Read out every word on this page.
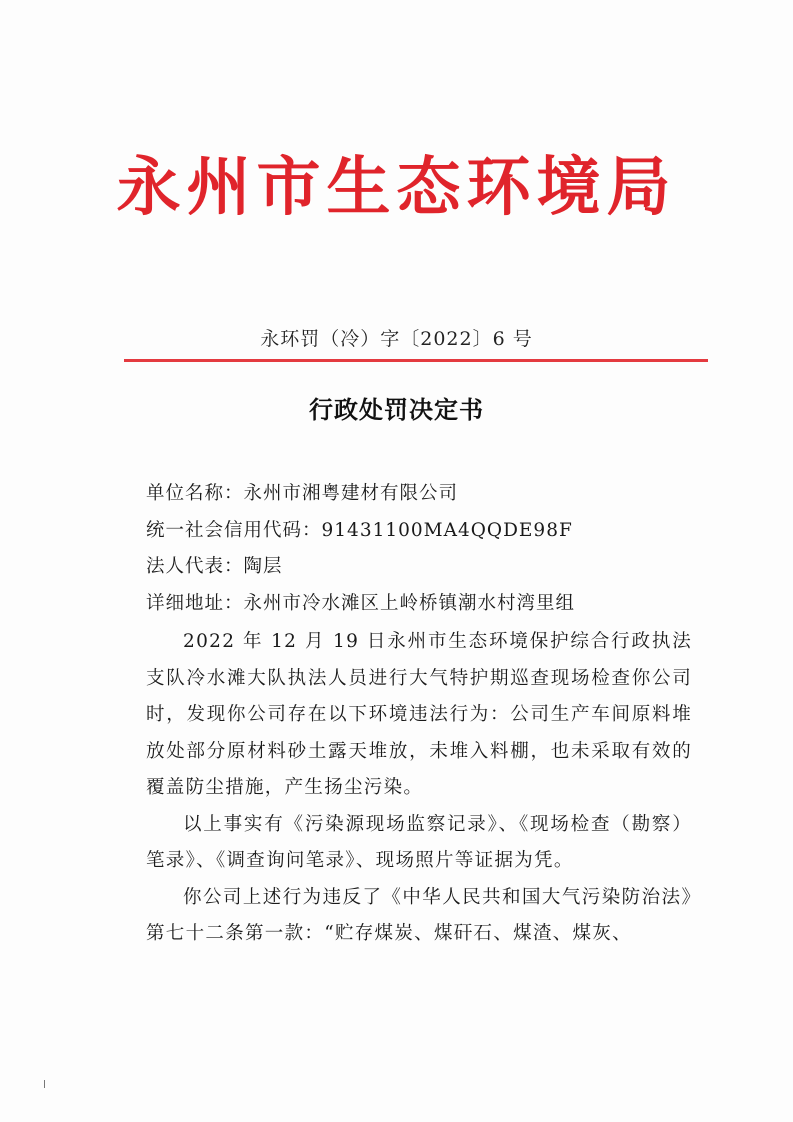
永州市生态环境局
永环罚（冷）字〔2022〕6 号
行政处罚决定书
单位名称：永州市湘粤建材有限公司
统一社会信用代码：91431100MA4QQDE98F
法人代表：陶层
详细地址：永州市冷水滩区上岭桥镇潮水村湾里组

2022 年 12 月 19 日永州市生态环境保护综合行政执法支队冷水滩大队执法人员进行大气特护期巡查现场检查你公司时，发现你公司存在以下环境违法行为：公司生产车间原料堆放处部分原材料砂土露天堆放，未堆入料棚，也未采取有效的覆盖防尘措施，产生扬尘污染。

以上事实有《污染源现场监察记录》、《现场检查（勘察）笔录》、《调查询问笔录》、现场照片等证据为凭。

你公司上述行为违反了《中华人民共和国大气污染防治法》第七十二条第一款：“贮存煤炭、煤矸石、煤渣、煤灰、
